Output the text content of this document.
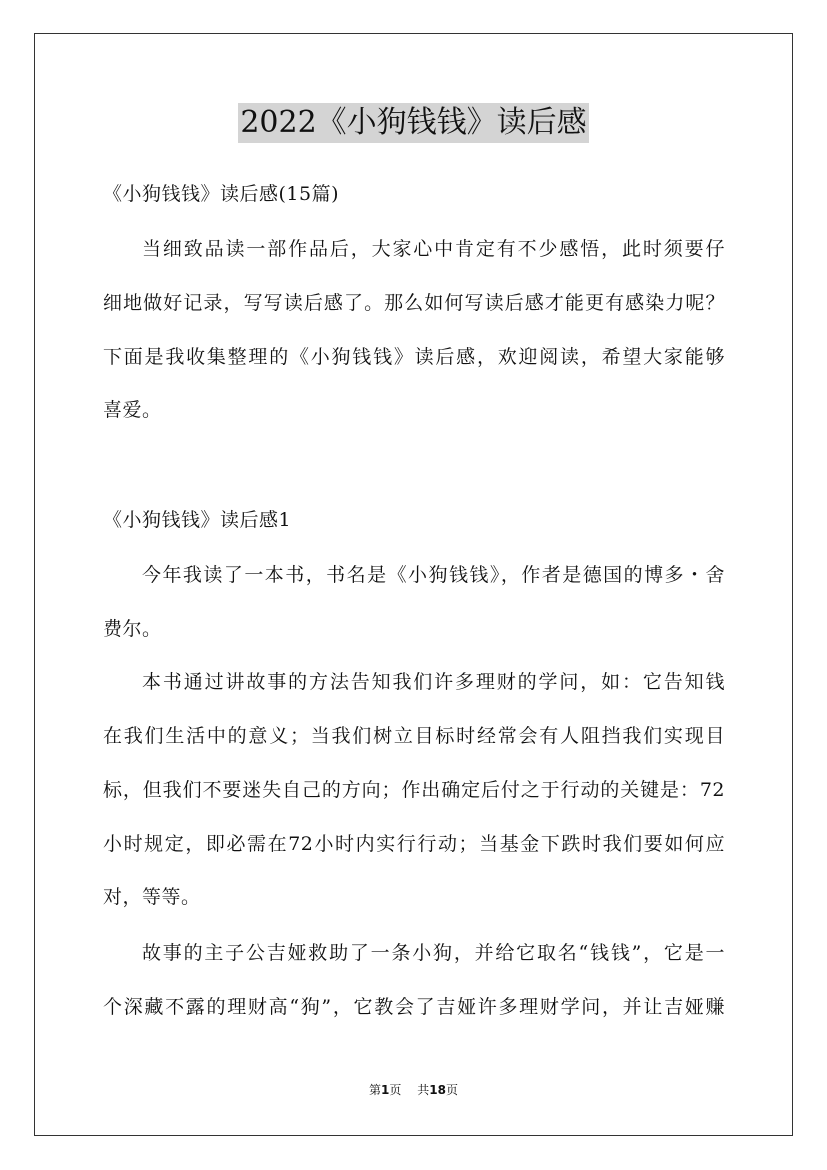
2022《小狗钱钱》读后感
《小狗钱钱》读后感(15篇)
当细致品读一部作品后，大家心中肯定有不少感悟，此时须要仔
细地做好记录，写写读后感了。那么如何写读后感才能更有感染力呢？
下面是我收集整理的《小狗钱钱》读后感，欢迎阅读，希望大家能够
喜爱。
《小狗钱钱》读后感1
今年我读了一本书，书名是《小狗钱钱》，作者是德国的博多・舍
费尔。
本书通过讲故事的方法告知我们许多理财的学问，如：它告知钱
在我们生活中的意义；当我们树立目标时经常会有人阻挡我们实现目
标，但我们不要迷失自己的方向；作出确定后付之于行动的关键是：72
小时规定，即必需在72小时内实行行动；当基金下跌时我们要如何应
对，等等。
故事的主子公吉娅救助了一条小狗，并给它取名“钱钱”，它是一
个深藏不露的理财高“狗”，它教会了吉娅许多理财学问，并让吉娅赚
第1页 共18页
